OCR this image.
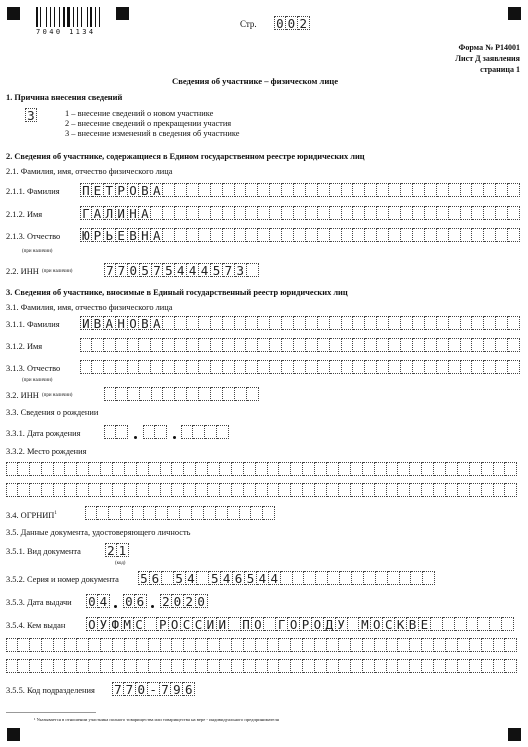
7040 1134
Стр. 0 0 2
Форма № Р14001
Лист Д заявления
страница 1
Сведения об участнике – физическом лице
1. Причина внесения сведений
3	1 – внесение сведений о новом участнике
2 – внесение сведений о прекращении участия
3 – внесение изменений в сведения об участнике
2. Сведения об участнике, содержащиеся в Едином государственном реестре юридических лиц
2.1. Фамилия, имя, отчество физического лица
2.1.1. Фамилия П Е Т Р О В А
2.1.2. Имя	Г А Л И Н А
2.1.3. Отчество
(при наличии)
Ю Р Ь Е В Н А
2.2. ИНН (при наличии)	7 7 0 5 7 5 4 4 4 5 7 3
3. Сведения об участнике, вносимые в Единый государственный реестр юридических лиц
3.1. Фамилия, имя, отчество физического лица
3.1.1. Фамилия И В А Н О В А
3.1.2. Имя
3.1.3. Отчество
(при наличии)
3.2. ИНН (при наличии)
3.3. Сведения о рождении
3.3.1. Дата рождения
3.3.2. Место рождения
3.4. ОГРНИП$^1$
3.5. Данные документа, удостоверяющего личность
3.5.1. Вид документа 2 1
(код)
3.5.2. Серия и номер документа 5 6 5 4 5 4 6 5 4 4
3.5.3. Дата выдачи 0 4 0 6 2 0 2 0
3.5.4. Кем выдан О У Ф М С Р О С С И И П О Г О Р О Д У М О С К В Е
3.5.5. Код подразделения 7 7 0 - 7 9 6
¹ Указывается в отношении участника полного товарищества или товарищества на вере - индивидуального предпринимателя
